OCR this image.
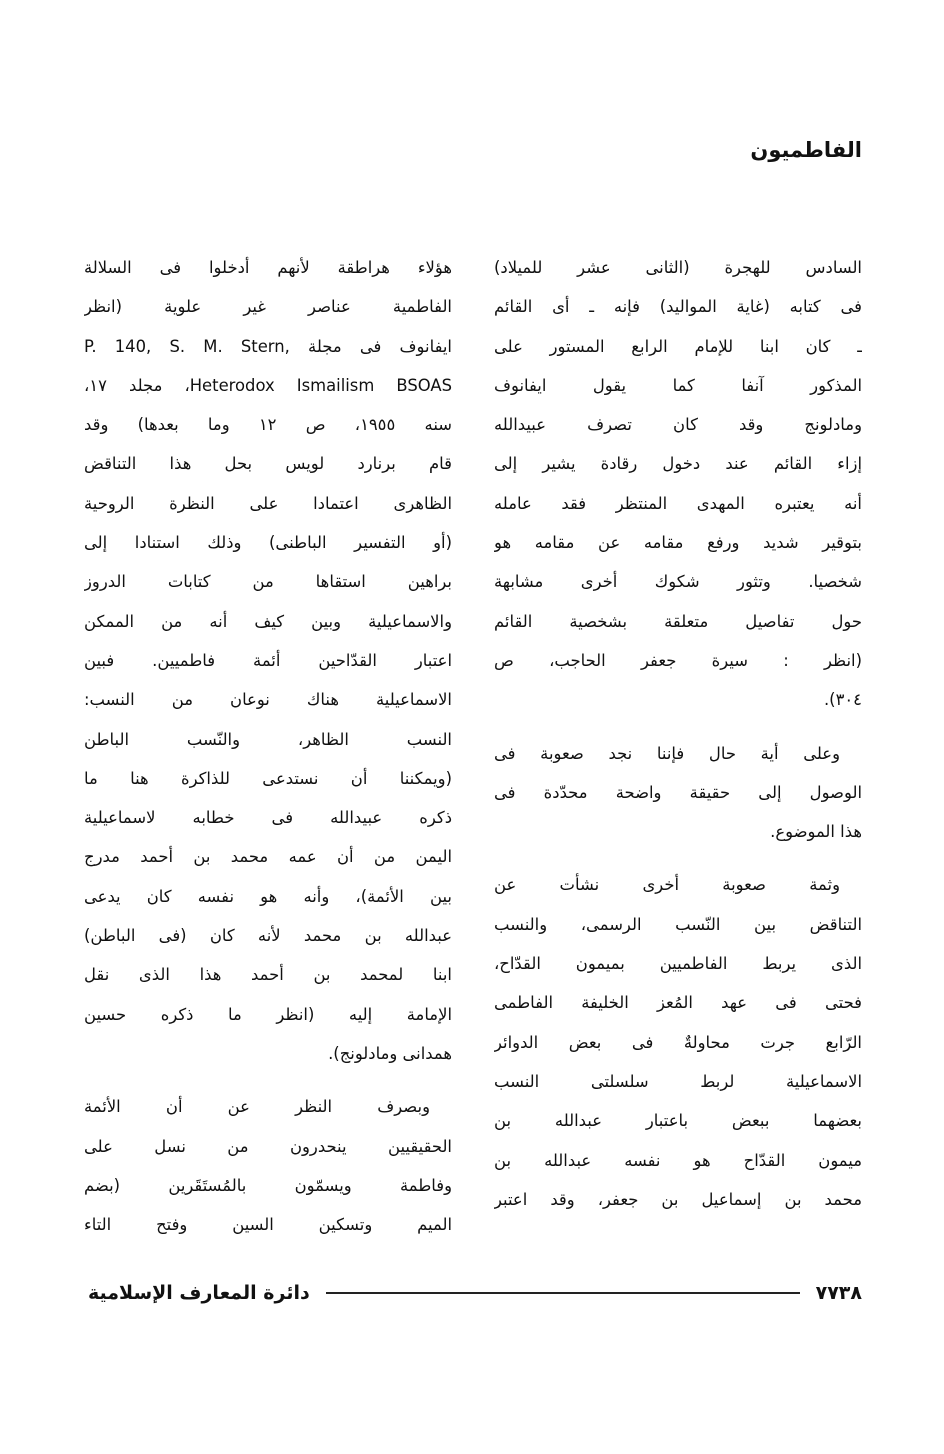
الفاطميون
السادس للهجرة (الثانى عشر للميلاد)
فى كتابه (غاية المواليد) فإنه ـ أى القائم
ـ كان ابنا للإمام الرابع المستور على
المذكور آنفا كما يقول ايفانوف
ومادلونج وقد كان تصرف عبيدالله
إزاء القائم عند دخول رقادة يشير إلى
أنه يعتبره المهدى المنتظر فقد عامله
بتوقير شديد ورفع مقامه عن مقامه هو
شخصيا. وتثور شكوك أخرى مشابهة
حول تفاصيل متعلقة بشخصية القائم
(انظر : سيرة جعفر الحاجب، ص
٣٠٤).
وعلى أية حال فإننا نجد صعوبة فى
الوصول إلى حقيقة واضحة محدّدة فى
هذا الموضوع.
وثمة صعوبة أخرى نشأت عن
التناقض بين النّسب الرسمى، والنسب
الذى يربط الفاطميين بميمون القدّاح،
فحتى فى عهد المُعز الخليفة الفاطمى
الرّابع جرت محاولةٌ فى بعض الدوائر
الاسماعيلية لربط سلسلتى النسب
بعضهما ببعض باعتبار عبدالله بن
ميمون القدّاح هو نفسه عبدالله بن
محمد بن إسماعيل بن جعفر، وقد اعتبر
هؤلاء هراطقة لأنهم أدخلوا فى السلالة
الفاطمية عناصر غير علوية (انظر
ايفانوف فى مجلة ,P. 140, S. M. Stern
Heterodox Ismailism BSOAS، مجلد ١٧،
سنه ١٩٥٥، ص ١٢ وما بعدها) وقد
قام برنارد لويس بحل هذا التناقض
الظاهرى اعتمادا على النظرة الروحية
(أو التفسير الباطنى) وذلك استنادا إلى
براهين استقاها من كتابات الدروز
والاسماعيلية وبين كيف أنه من الممكن
اعتبار القدّاحين أئمة فاطميين. فبين
الاسماعيلية هناك نوعان من النسب:
النسب الظاهر، والنّسب الباطن
(ويمكننا أن نستدعى للذاكرة هنا ما
ذكره عبيدالله فى خطابه لاسماعيلية
اليمن من أن عمه محمد بن أحمد مدرج
بين الأئمة)، وأنه هو نفسه كان يدعى
عبدالله بن محمد لأنه كان (فى الباطن)
ابنا لمحمد بن أحمد هذا الذى نقل
الإمامة إليه (انظر ما ذكره حسين
همدانى ومادلونج).
وبصرف النظر عن أن الأئمة
الحقيقيين ينحدرون من نسل على
وفاطمة ويسمّون بالمُستَقَرين (بضم
الميم وتسكين السين وفتح التاء
٧٧٣٨
دائرة المعارف الإسلامية
